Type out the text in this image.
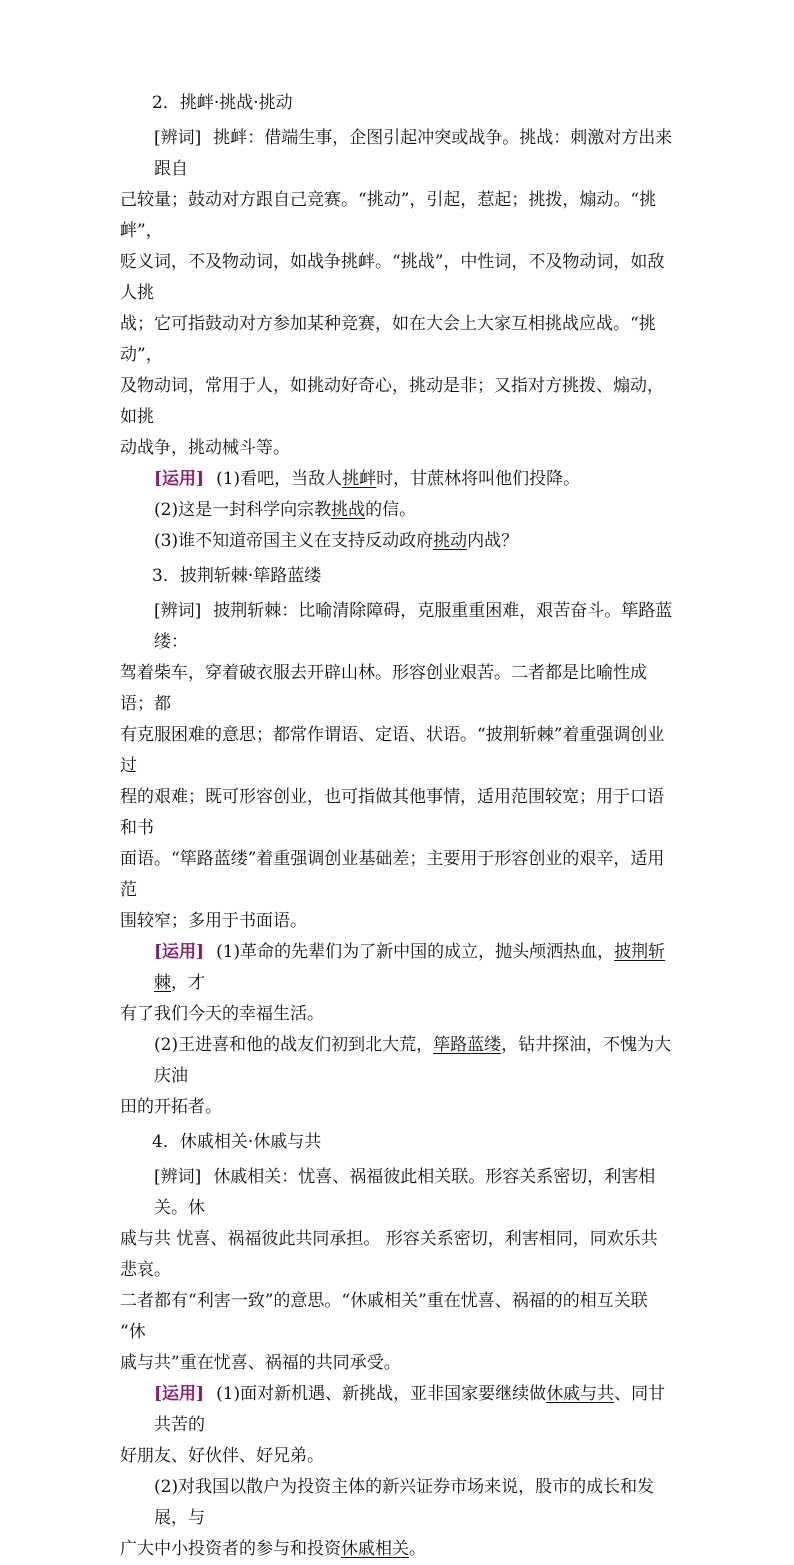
2．挑衅·挑战·挑动
[辨词] 挑衅：借端生事，企图引起冲突或战争。挑战：刺激对方出来跟自
己较量；鼓动对方跟自己竞赛。“挑动”，引起，惹起；挑拨，煽动。“挑衅”，
贬义词，不及物动词，如战争挑衅。“挑战”，中性词，不及物动词，如敌人挑
战；它可指鼓动对方参加某种竞赛，如在大会上大家互相挑战应战。“挑动”，
及物动词，常用于人，如挑动好奇心，挑动是非；又指对方挑拨、煽动，如挑
动战争，挑动械斗等。
[运用] (1)看吧，当敌人挑衅时，甘蔗林将叫他们投降。
(2)这是一封科学向宗教挑战的信。
(3)谁不知道帝国主义在支持反动政府挑动内战？
3．披荆斩棘·筚路蓝缕
[辨词] 披荆斩棘：比喻清除障碍，克服重重困难，艰苦奋斗。筚路蓝缕：
驾着柴车，穿着破衣服去开辟山林。形容创业艰苦。二者都是比喻性成语；都
有克服困难的意思；都常作谓语、定语、状语。“披荆斩棘”着重强调创业过
程的艰难；既可形容创业，也可指做其他事情，适用范围较宽；用于口语和书
面语。“筚路蓝缕”着重强调创业基础差；主要用于形容创业的艰辛，适用范
围较窄；多用于书面语。
[运用] (1)革命的先辈们为了新中国的成立，抛头颅洒热血，披荆斩棘，才
有了我们今天的幸福生活。
(2)王进喜和他的战友们初到北大荒，筚路蓝缕，钻井探油，不愧为大庆油
田的开拓者。
4．休戚相关·休戚与共
[辨词] 休戚相关：忧喜、祸福彼此相关联。形容关系密切，利害相关。休
戚与共 忧喜、祸福彼此共同承担。 形容关系密切，利害相同，同欢乐共悲哀。
二者都有“利害一致”的意思。“休戚相关”重在忧喜、祸福的的相互关联 “休
戚与共”重在忧喜、祸福的共同承受。
[运用] (1)面对新机遇、新挑战，亚非国家要继续做休戚与共、同甘共苦的
好朋友、好伙伴、好兄弟。
(2)对我国以散户为投资主体的新兴证券市场来说，股市的成长和发展，与
广大中小投资者的参与和投资休戚相关。
